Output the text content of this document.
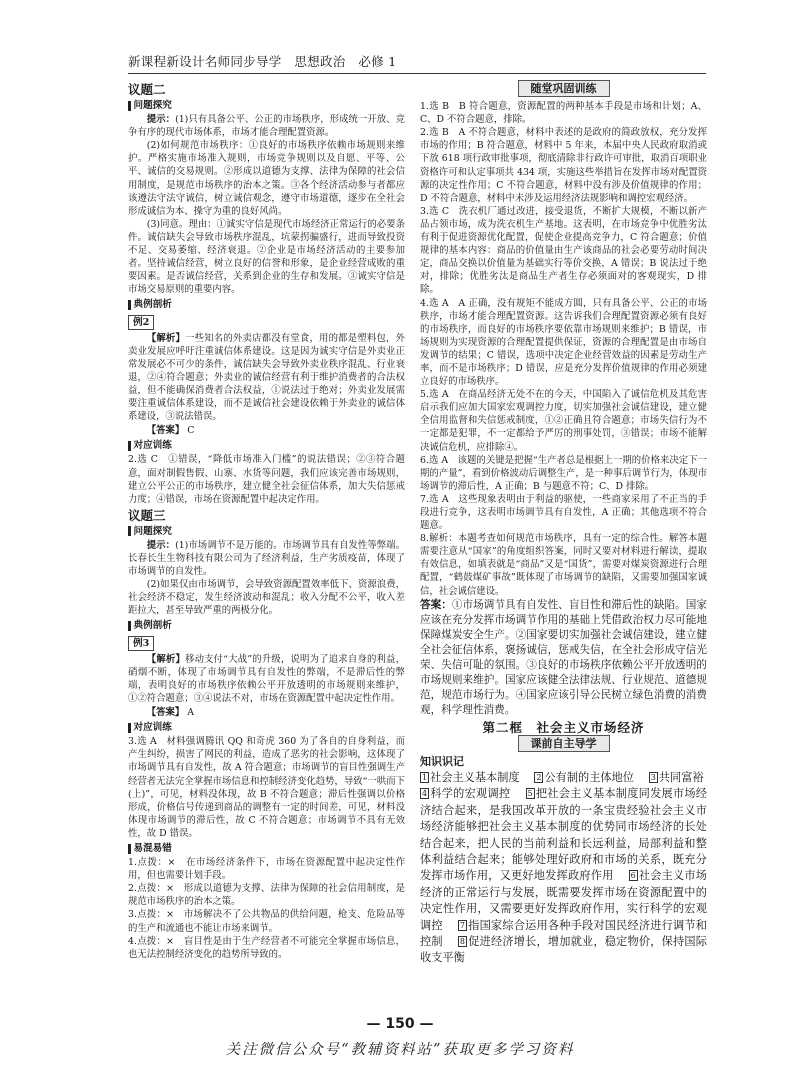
新课程新设计名师同步导学　思想政治　必修 1
议题二
问题探究

提示：(1)只有具备公平、公正的市场秩序，形成统一开放、竞争有序的现代市场体系，市场才能合理配置资源。

(2)如何规范市场秩序：①良好的市场秩序依赖市场规则来维护。严格实施市场准入规则，市场竞争规则以及自愿、平等、公平、诚信的交易规则。②形成以道德为支撑、法律为保障的社会信用制度，是规范市场秩序的治本之策。③各个经济活动参与者都应该遵法守法守诚信，树立诚信观念，遵守市场道德，逐步在全社会形成诚信为本、操守为重的良好风尚。

(3)同意。理由：①诚实守信是现代市场经济正常运行的必要条件。诚信缺失会导致市场秩序混乱，坑蒙拐骗盛行，进而导致投资不足、交易萎缩、经济衰退。②企业是市场经济活动的主要参加者。坚持诚信经营，树立良好的信誉和形象，是企业经营成败的重要因素。是否诚信经营，关系到企业的生存和发展。③诚实守信是市场交易原则的重要内容。

典例剖析
例2

【解析】一些知名的外卖店都没有堂食，用的都是塑料包，外卖业发展应呼吁注重诚信体系建设。这是因为诚实守信是外卖业正常发展必不可少的条件，诚信缺失会导致外卖业秩序混乱、行业衰退，②④符合题意；外卖业的诚信经营有利于维护消费者的合法权益，但不能确保消费者合法权益，①说法过于绝对；外卖业发展需要注重诚信体系建设，而不是诚信社会建设依赖于外卖业的诚信体系建设，③说法错误。

【答案】 C

对应训练

2.选 C　①错误，“降低市场准入门槛”的说法错误；②③符合题意，面对制假售假、山寨、水货等问题，我们应该完善市场规则，建立公平公正的市场秩序，建立健全社会征信体系，加大失信惩戒力度；④错误，市场在资源配置中起决定作用。

议题三
问题探究

提示：(1)市场调节不是万能的。市场调节具有自发性等弊端。长春长生生物科技有限公司为了经济利益，生产劣质疫苗，体现了市场调节的自发性。

(2)如果仅由市场调节，会导致资源配置效率低下、资源浪费，社会经济不稳定，发生经济波动和混乱；收入分配不公平，收入差距拉大，甚至导致严重的两极分化。

典例剖析
例3

【解析】移动支付“大战”的升级，说明为了追求自身的利益，硝烟不断，体现了市场调节具有自发性的弊端，不是滞后性的弊端，表明良好的市场秩序依赖公平开放透明的市场规则来维护，①②符合题意；③④说法不对，市场在资源配置中起决定性作用。

【答案】 A

对应训练

3.选 A　材料强调腾讯 QQ 和奇虎 360 为了各自的自身利益，而产生纠纷，损害了网民的利益，造成了恶劣的社会影响，这体现了市场调节具有自发性，故 A 符合题意；市场调节的盲目性强调生产经营者无法完全掌握市场信息和控制经济变化趋势，导致“一哄而下(上)”，可见，材料没体现，故 B 不符合题意；滞后性强调以价格形成，价格信号传递到商品的调整有一定的时间差，可见，材料没体现市场调节的滞后性，故 C 不符合题意；市场调节不具有无效性，故 D 错误。

易混易错

1.点拨：×　在市场经济条件下，市场在资源配置中起决定性作用，但也需要计划手段。

2.点拨：×　形成以道德为支撑、法律为保障的社会信用制度，是规范市场秩序的治本之策。

3.点拨：×　市场解决不了公共物品的供给问题，枪支、危险品等的生产和流通也不能让市场来调节。

4.点拨：×　盲目性是由于生产经营者不可能完全掌握市场信息，也无法控制经济变化的趋势所导致的。

随堂巩固训练

1.选 B　B 符合题意，资源配置的两种基本手段是市场和计划；A、C、D 不符合题意，排除。

2.选 B　A 不符合题意，材料中表述的是政府的简政放权，充分发挥市场的作用；B 符合题意，材料中 5 年来，本届中央人民政府取消或下放 618 项行政审批事项，彻底清除非行政许可审批，取消百项职业资格许可和认定事项共 434 项，实施这些举措旨在发挥市场对配置资源的决定性作用；C 不符合题意，材料中没有涉及价值规律的作用；D 不符合题意，材料中未涉及运用经济法规影响和调控宏观经济。

3.选 C　洗衣机厂通过改进，接受退货，不断扩大规模，不断以新产品占领市场，成为洗衣机生产基地。这表明，在市场竞争中优胜劣汰有利于促进资源优化配置，促使企业提高竞争力，C 符合题意；价值规律的基本内容：商品的价值量由生产该商品的社会必要劳动时间决定，商品交换以价值量为基础实行等价交换，A 错误；B 说法过于绝对，排除；优胜劣汰是商品生产者生存必须面对的客观现实，D 排除。

4.选 A　A 正确，没有规矩不能成方圆，只有具备公平、公正的市场秩序，市场才能合理配置资源。这告诉我们合理配置资源必须有良好的市场秩序，而良好的市场秩序要依靠市场规则来维护；B 错误，市场规则为实现资源的合理配置提供保证，资源的合理配置是由市场自发调节的结果；C 错误，选项中决定企业经营效益的因素是劳动生产率，而不是市场秩序；D 错误，应是充分发挥价值规律的作用必须建立良好的市场秩序。

5.选 A　在商品经济无处不在的今天，中国陷入了诚信危机及其危害启示我们应加大国家宏观调控力度，切实加强社会诚信建设，建立健全信用监督和失信惩戒制度，①②正确且符合题意；市场失信行为不一定都是犯罪，不一定都给予严厉的刑事处罚，③错误；市场不能解决诚信危机，应排除④。

6.选 A　该题的关键是把握“生产者总是根据上一期的价格来决定下一期的产量”，看到价格波动后调整生产，是一种事后调节行为，体现市场调节的滞后性，A 正确；B 与题意不符；C、D 排除。

7.选 A　这些现象表明由于利益的驱使，一些商家采用了不正当的手段进行竞争，这表明市场调节具有自发性，A 正确；其他选项不符合题意。

8.解析：本题考查如何规范市场秩序，具有一定的综合性。解答本题需要注意从“国家”的角度组织答案，同时又要对材料进行解读，提取有效信息，如填表就是“商品”又是“国货”，需要对煤炭资源进行合理配置，“鹤鼓煤矿事故”既体现了市场调节的缺陷，又需要加强国家诚信，社会诚信建设。

答案：①市场调节具有自发性、盲目性和滞后性的缺陷。国家应该在充分发挥市场调节作用的基础上凭借政治权力尽可能地保障煤炭安全生产。②国家要切实加强社会诚信建设，建立健全社会征信体系，褒扬诚信，惩戒失信，在全社会形成守信光荣、失信可耻的氛围。③良好的市场秩序依赖公平开放透明的市场规则来维护。国家应该健全法律法规、行业规范、道德规范，规范市场行为。④国家应该引导公民树立绿色消费的消费观，科学理性消费。

第二框　社会主义市场经济
课前自主导学
知识识记
1 社会主义基本制度　 2 公有制的主体地位　 3 共同富裕　 4 科学的宏观调控　 5 把社会主义基本制度同发展市场经济结合起来，是我国改革开放的一条宝贵经验社会主义市场经济能够把社会主义基本制度的优势同市场经济的长处结合起来，把人民的当前利益和长远利益，局部利益和整体利益结合起来；能够处理好政府和市场的关系，既充分发挥市场作用，又更好地发挥政府作用　 6 社会主义市场经济的正常运行与发展，既需要发挥市场在资源配置中的决定性作用，又需要更好发挥政府作用，实行科学的宏观调控　 7 指国家综合运用各种手段对国民经济进行调节和控制　 8 促进经济增长，增加就业，稳定物价，保持国际收支平衡
— 150 —
关注微信公众号“教辅资料站”获取更多学习资料
